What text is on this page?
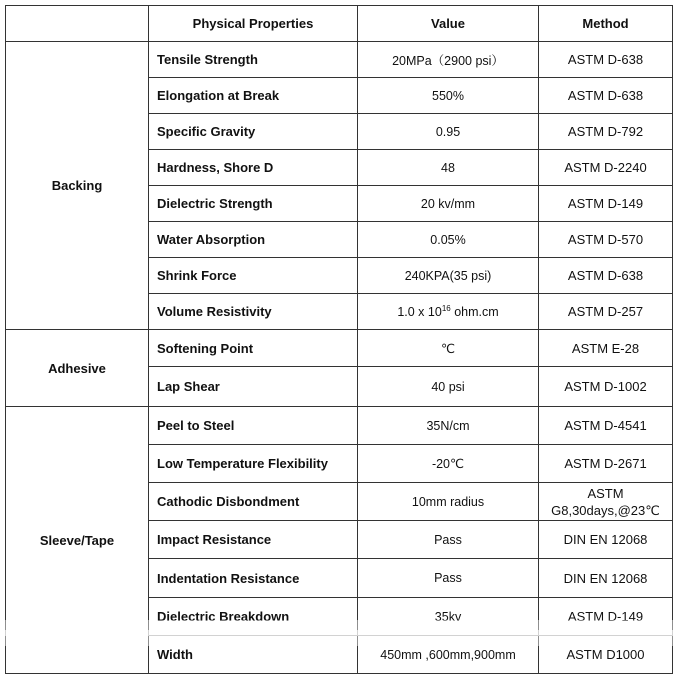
	Physical Properties	Value	Method
Backing	Tensile Strength	20MPa（2900 psi）	ASTM D-638
	Elongation at Break	550%	ASTM D-638
	Specific Gravity	0.95	ASTM D-792
	Hardness, Shore D	48	ASTM D-2240
	Dielectric Strength	20 kv/mm	ASTM D-149
	Water Absorption	0.05%	ASTM D-570
	Shrink Force	240KPA(35 psi)	ASTM D-638
	Volume Resistivity	1.0 x $10^{16}$ ohm.cm	ASTM D-257
Adhesive	Softening Point	℃	ASTM E-28
	Lap Shear	40 psi	ASTM D-1002
Sleeve/Tape	Peel to Steel	35N/cm	ASTM D-4541
	Low Temperature Flexibility	-20℃	ASTM D-2671
	Cathodic Disbondment	10mm radius	ASTM
G8,30days,@23℃

	Impact Resistance	Pass	DIN EN 12068
	Indentation Resistance	Pass	DIN EN 12068
	Dielectric Breakdown	35kv	ASTM D-149
	Width	450mm ,600mm,900mm	ASTM D1000
